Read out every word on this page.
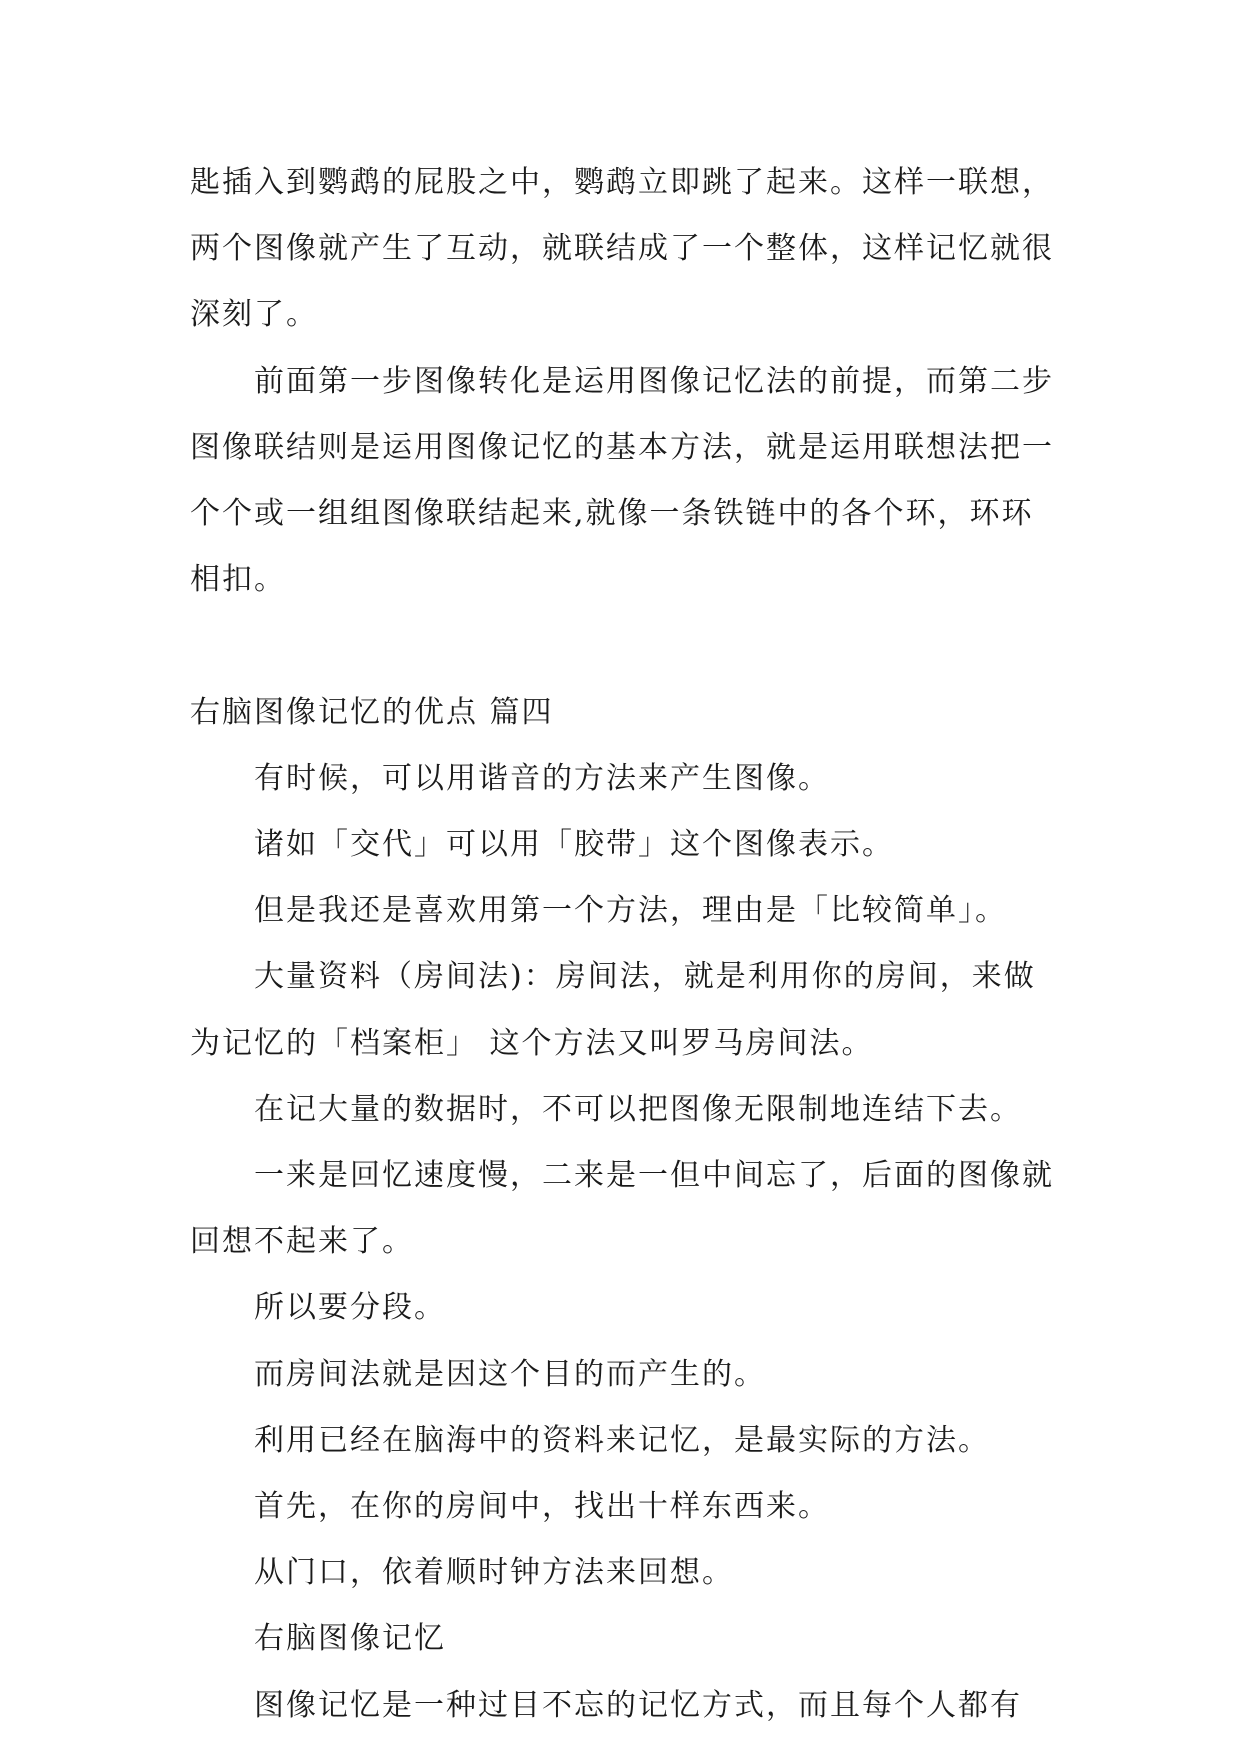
匙插入到鹦鹉的屁股之中，鹦鹉立即跳了起来。这样一联想，两个图像就产生了互动，就联结成了一个整体，这样记忆就很深刻了。

前面第一步图像转化是运用图像记忆法的前提，而第二步图像联结则是运用图像记忆的基本方法，就是运用联想法把一个个或一组组图像联结起来,就像一条铁链中的各个环，环环相扣。

右脑图像记忆的优点 篇四

有时候，可以用谐音的方法来产生图像。

诸如「交代」可以用「胶带」这个图像表示。

但是我还是喜欢用第一个方法，理由是「比较简单」。

大量资料（房间法)：房间法，就是利用你的房间，来做为记忆的「档案柜」 这个方法又叫罗马房间法。

在记大量的数据时，不可以把图像无限制地连结下去。

一来是回忆速度慢，二来是一但中间忘了，后面的图像就回想不起来了。

所以要分段。

而房间法就是因这个目的而产生的。

利用已经在脑海中的资料来记忆，是最实际的方法。

首先，在你的房间中，找出十样东西来。

从门口，依着顺时钟方法来回想。

右脑图像记忆

图像记忆是一种过目不忘的记忆方式，而且每个人都有
